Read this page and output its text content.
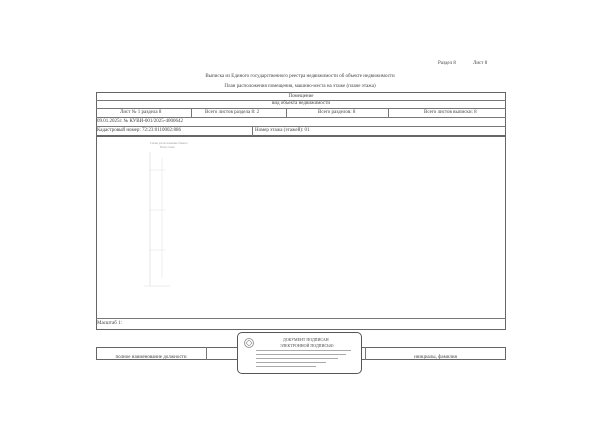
Раздел 8	Лист 8
Выписка из Единого государственного реестра недвижимости об объекте недвижимости
План расположения помещения, машино-места на этаже (плане этажа)
Помещение
вид объекта недвижимости
Лист № 1 раздела 8	Всего листов раздела 8: 2	Всего разделов: 8	Всего листов выписки: 8
09.01.2025г. № КУВИ-001/2025-4000642
Кадастровый номер: 72:23:0110002:886	Номер этажа (этажей): 01
Схема расположения объекта
План этажа
Масштаб 1:
полное наименование должности	инициалы, фамилия
ДОКУМЕНТ ПОДПИСАН
ЭЛЕКТРОННОЙ ПОДПИСЬЮ
